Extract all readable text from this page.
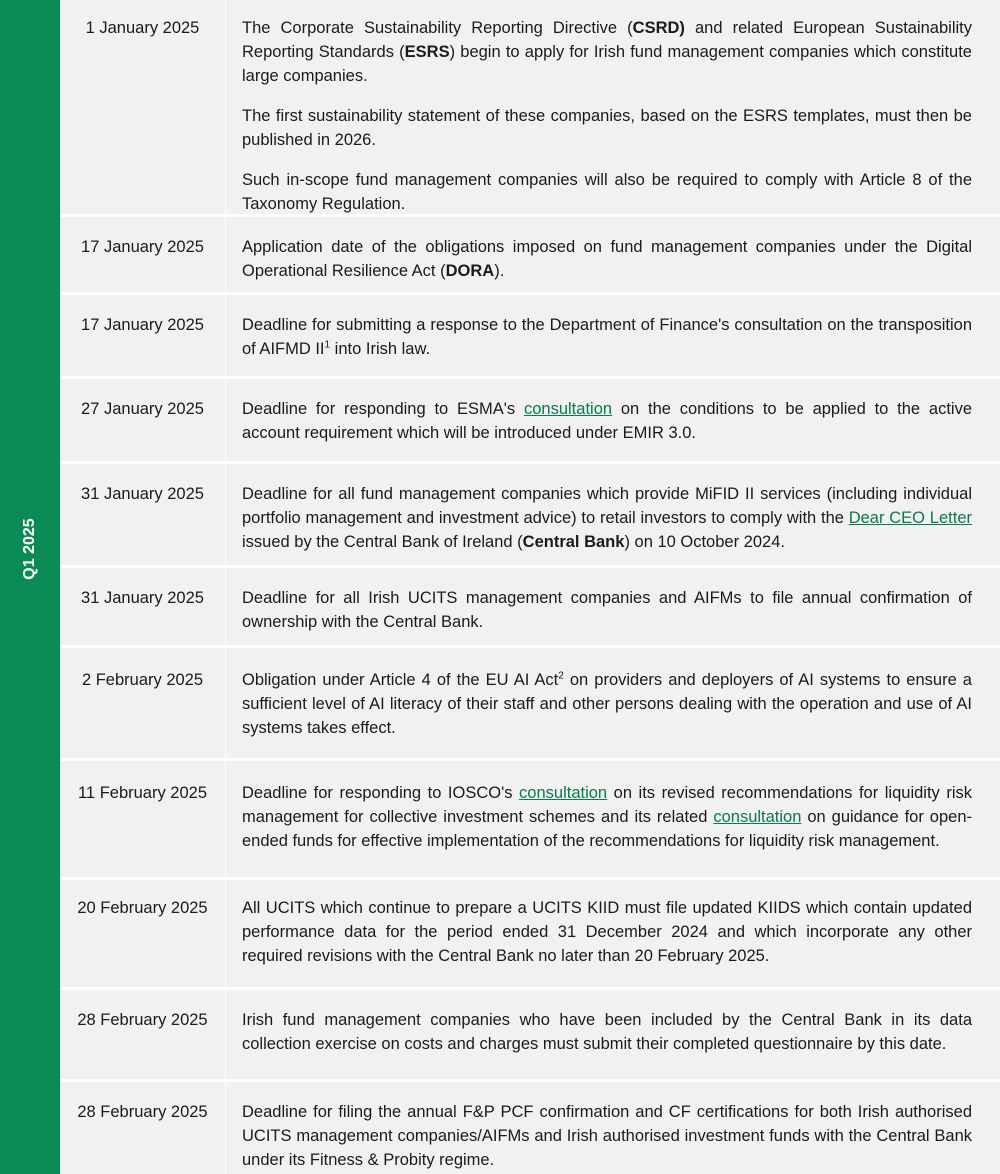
Q1 2025
1 January 2025	The Corporate Sustainability Reporting Directive (CSRD) and related European Sustainability Reporting Standards (ESRS) begin to apply for Irish fund management companies which constitute large companies.

The first sustainability statement of these companies, based on the ESRS templates, must then be published in 2026.

Such in-scope fund management companies will also be required to comply with Article 8 of the Taxonomy Regulation.

17 January 2025	Application date of the obligations imposed on fund management companies under the Digital Operational Resilience Act (DORA).

17 January 2025	Deadline for submitting a response to the Department of Finance's consultation on the transposition of AIFMD $II^1$ into Irish law.

27 January 2025	Deadline for responding to ESMA's consultation on the conditions to be applied to the active account requirement which will be introduced under EMIR 3.0.

31 January 2025	Deadline for all fund management companies which provide MiFID II services (including individual portfolio management and investment advice) to retail investors to comply with the Dear CEO Letter issued by the Central Bank of Ireland (Central Bank) on 10 October 2024.

31 January 2025	Deadline for all Irish UCITS management companies and AIFMs to file annual confirmation of ownership with the Central Bank.

2 February 2025	Obligation under Article 4 of the EU AI Act$^2$ on providers and deployers of AI systems to ensure a sufficient level of AI literacy of their staff and other persons dealing with the operation and use of AI systems takes effect.

11 February 2025	Deadline for responding to IOSCO's consultation on its revised recommendations for liquidity risk management for collective investment schemes and its related consultation on guidance for open-ended funds for effective implementation of the recommendations for liquidity risk management.

20 February 2025	All UCITS which continue to prepare a UCITS KIID must file updated KIIDS which contain updated performance data for the period ended 31 December 2024 and which incorporate any other required revisions with the Central Bank no later than 20 February 2025.

28 February 2025	Irish fund management companies who have been included by the Central Bank in its data collection exercise on costs and charges must submit their completed questionnaire by this date.

28 February 2025	Deadline for filing the annual F&P PCF confirmation and CF certifications for both Irish authorised UCITS management companies/AIFMs and Irish authorised investment funds with the Central Bank under its Fitness & Probity regime.
